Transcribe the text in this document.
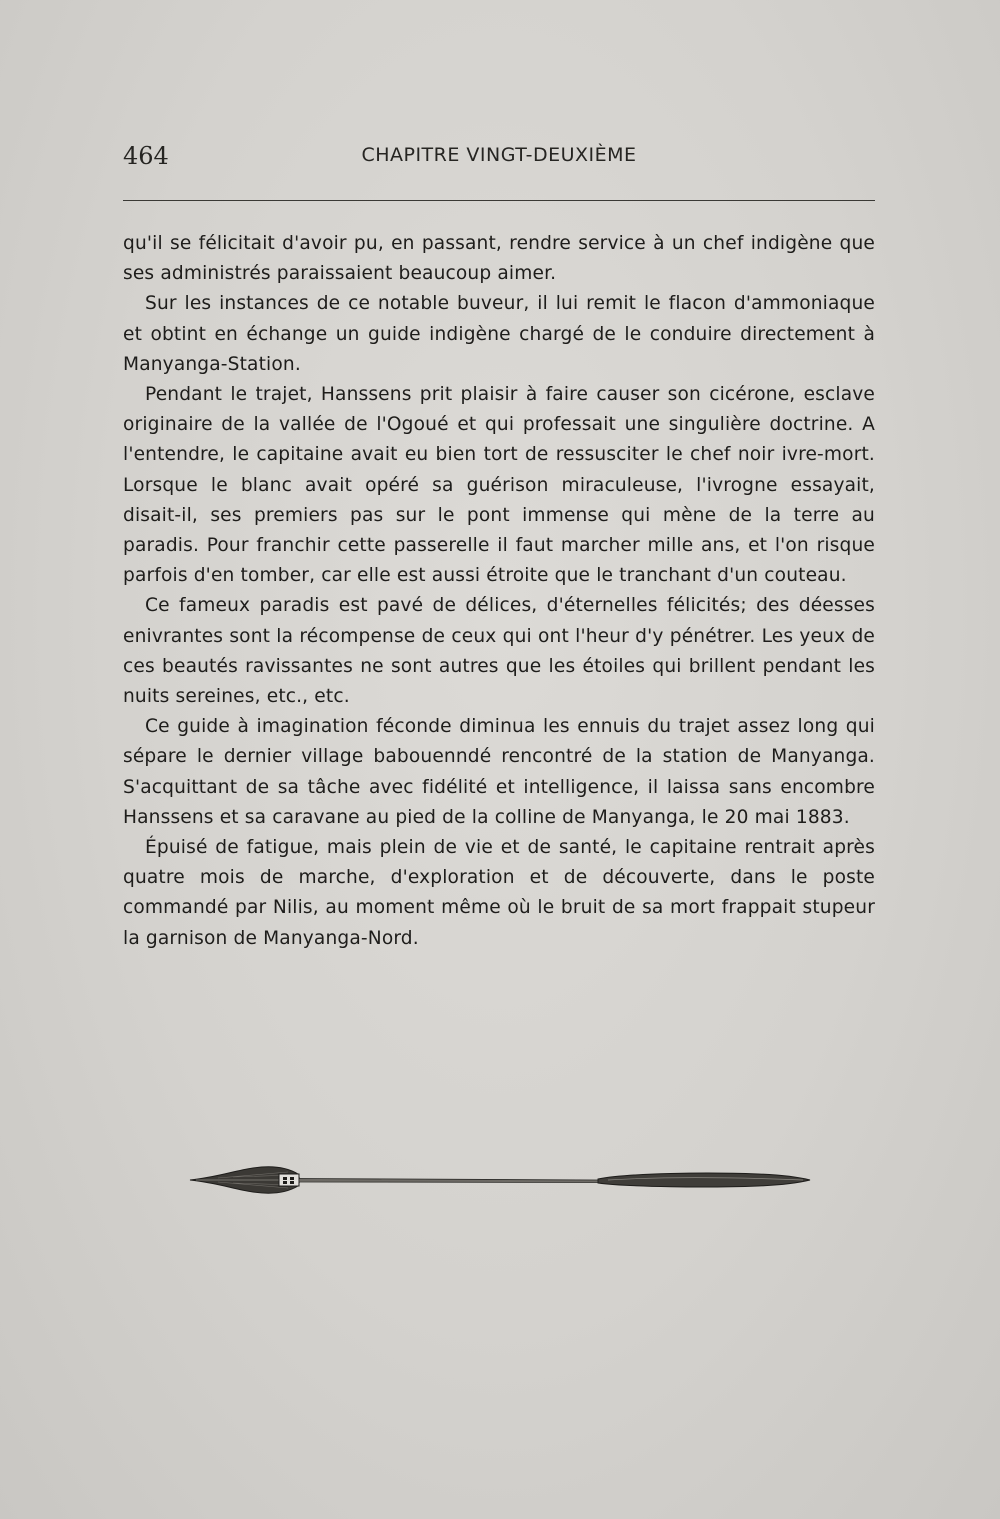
464	CHAPITRE VINGT-DEUXIÈME

qu'il se félicitait d'avoir pu, en passant, rendre service à un chef indigène que ses administrés paraissaient beaucoup aimer.

Sur les instances de ce notable buveur, il lui remit le flacon d'ammoniaque et obtint en échange un guide indigène chargé de le conduire directement à Manyanga-Station.

Pendant le trajet, Hanssens prit plaisir à faire causer son cicérone, esclave originaire de la vallée de l'Ogoué et qui professait une singulière doctrine. A l'entendre, le capitaine avait eu bien tort de ressusciter le chef noir ivre-mort. Lorsque le blanc avait opéré sa guérison miraculeuse, l'ivrogne essayait, disait-il, ses premiers pas sur le pont immense qui mène de la terre au paradis. Pour franchir cette passerelle il faut marcher mille ans, et l'on risque parfois d'en tomber, car elle est aussi étroite que le tranchant d'un couteau.

Ce fameux paradis est pavé de délices, d'éternelles félicités; des déesses enivrantes sont la récompense de ceux qui ont l'heur d'y pénétrer. Les yeux de ces beautés ravissantes ne sont autres que les étoiles qui brillent pendant les nuits sereines, etc., etc.

Ce guide à imagination féconde diminua les ennuis du trajet assez long qui sépare le dernier village babouenndé rencontré de la station de Manyanga. S'acquittant de sa tâche avec fidélité et intelligence, il laissa sans encombre Hanssens et sa caravane au pied de la colline de Manyanga, le 20 mai 1883.

Épuisé de fatigue, mais plein de vie et de santé, le capitaine rentrait après quatre mois de marche, d'exploration et de découverte, dans le poste commandé par Nilis, au moment même où le bruit de sa mort frappait stupeur la garnison de Manyanga-Nord.
